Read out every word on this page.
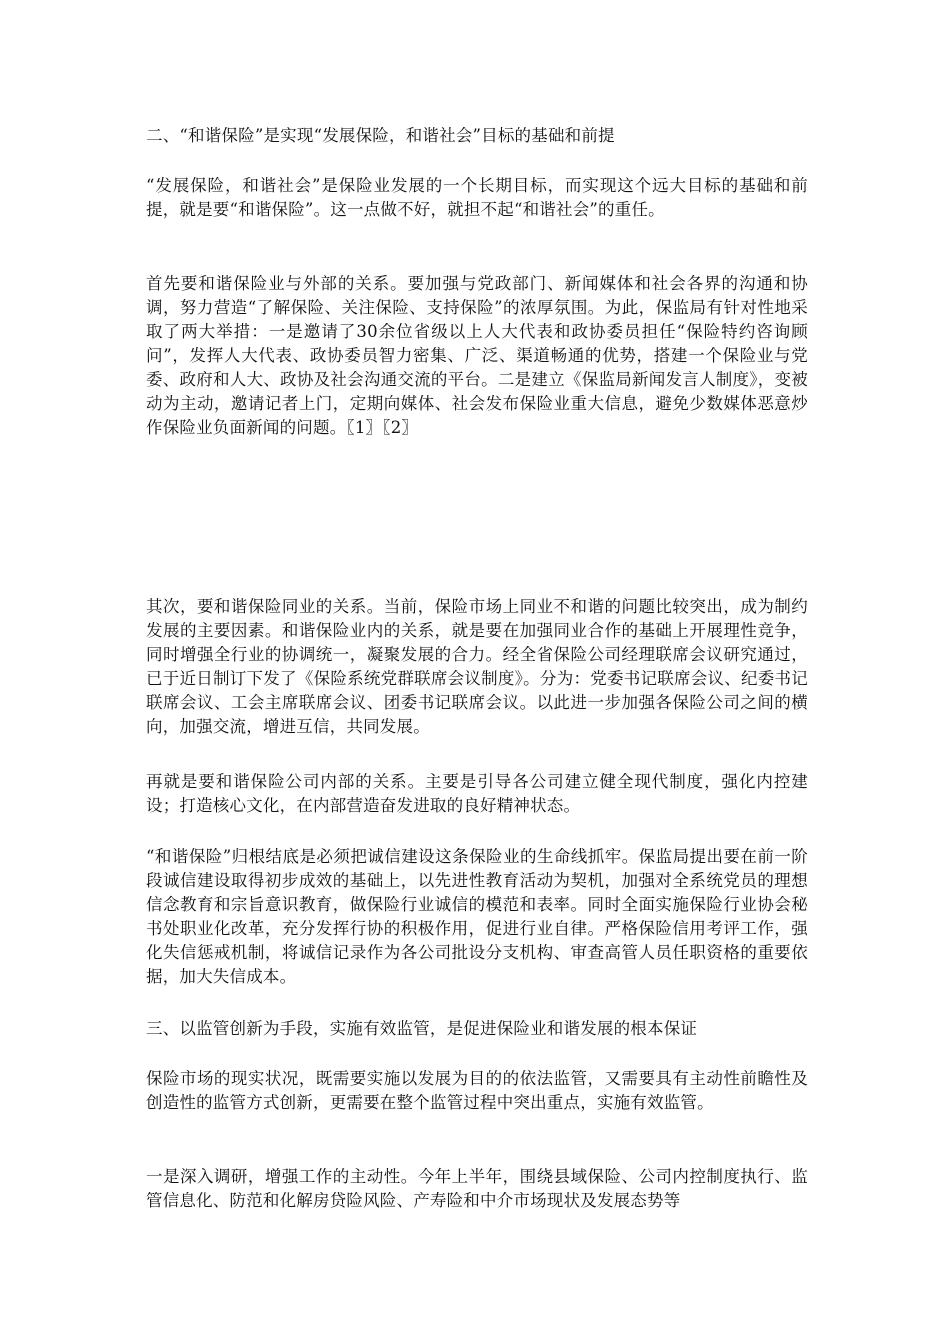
二、“和谐保险”是实现“发展保险，和谐社会”目标的基础和前提

“发展保险，和谐社会”是保险业发展的一个长期目标，而实现这个远大目标的基础和前提，就是要“和谐保险”。这一点做不好，就担不起“和谐社会”的重任。

首先要和谐保险业与外部的关系。要加强与党政部门、新闻媒体和社会各界的沟通和协调，努力营造“了解保险、关注保险、支持保险”的浓厚氛围。为此，保监局有针对性地采取了两大举措：一是邀请了30余位省级以上人大代表和政协委员担任“保险特约咨询顾问”，发挥人大代表、政协委员智力密集、广泛、渠道畅通的优势，搭建一个保险业与党委、政府和人大、政协及社会沟通交流的平台。二是建立《保监局新闻发言人制度》，变被动为主动，邀请记者上门，定期向媒体、社会发布保险业重大信息，避免少数媒体恶意炒作保险业负面新闻的问题。〖1〗〖2〗

其次，要和谐保险同业的关系。当前，保险市场上同业不和谐的问题比较突出，成为制约发展的主要因素。和谐保险业内的关系，就是要在加强同业合作的基础上开展理性竞争，同时增强全行业的协调统一，凝聚发展的合力。经全省保险公司经理联席会议研究通过，已于近日制订下发了《保险系统党群联席会议制度》。分为：党委书记联席会议、纪委书记联席会议、工会主席联席会议、团委书记联席会议。以此进一步加强各保险公司之间的横向，加强交流，增进互信，共同发展。

再就是要和谐保险公司内部的关系。主要是引导各公司建立健全现代制度，强化内控建设；打造核心文化，在内部营造奋发进取的良好精神状态。

“和谐保险”归根结底是必须把诚信建设这条保险业的生命线抓牢。保监局提出要在前一阶段诚信建设取得初步成效的基础上，以先进性教育活动为契机，加强对全系统党员的理想信念教育和宗旨意识教育，做保险行业诚信的模范和表率。同时全面实施保险行业协会秘书处职业化改革，充分发挥行协的积极作用，促进行业自律。严格保险信用考评工作，强化失信惩戒机制，将诚信记录作为各公司批设分支机构、审查高管人员任职资格的重要依据，加大失信成本。

三、以监管创新为手段，实施有效监管，是促进保险业和谐发展的根本保证

保险市场的现实状况，既需要实施以发展为目的的依法监管，又需要具有主动性前瞻性及创造性的监管方式创新，更需要在整个监管过程中突出重点，实施有效监管。

一是深入调研，增强工作的主动性。今年上半年，围绕县域保险、公司内控制度执行、监管信息化、防范和化解房贷险风险、产寿险和中介市场现状及发展态势等
